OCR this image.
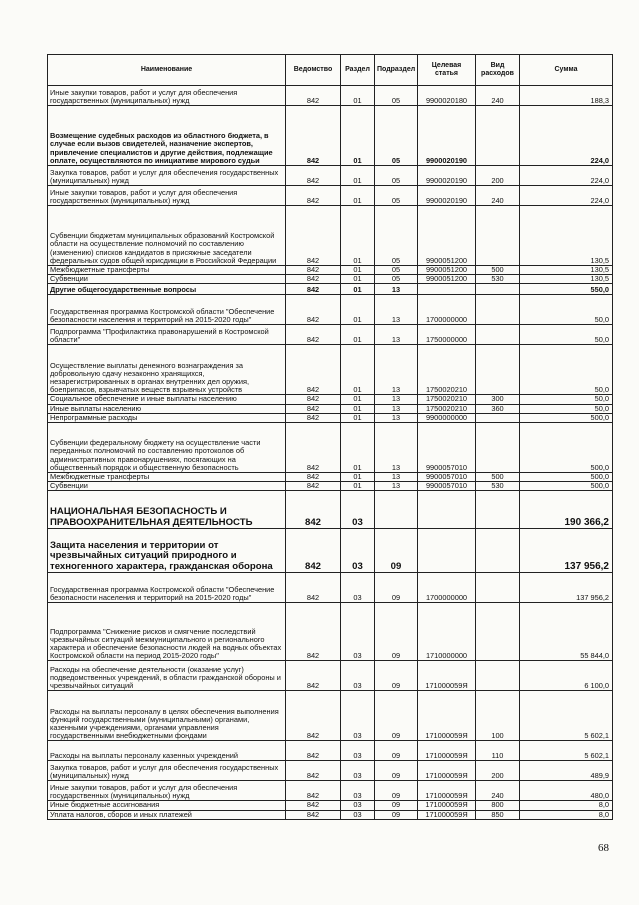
Наименование	Ведомство	Раздел	Подраздел	Целевая статья	Вид расходов	Сумма
Иные закупки товаров, работ и услуг для обеспечения государственных (муниципальных) нужд	842	01	05	9900020180	240	188,3
Возмещение судебных расходов из областного бюджета, в случае если вызов свидетелей, назначение экспертов, привлечение специалистов и другие действия, подлежащие оплате, осуществляются по инициативе мирового судьи	842	01	05	9900020190		224,0
Закупка товаров, работ и услуг для обеспечения государственных (муниципальных) нужд	842	01	05	9900020190	200	224,0
Иные закупки товаров, работ и услуг для обеспечения государственных (муниципальных) нужд	842	01	05	9900020190	240	224,0
Субвенции бюджетам муниципальных образований Костромской области на осуществление полномочий по составлению (изменению) списков кандидатов в присяжные заседатели федеральных судов общей юрисдикции в Российской Федерации	842	01	05	9900051200		130,5
Межбюджетные трансферты	842	01	05	9900051200	500	130,5
Субвенции	842	01	05	9900051200	530	130,5
Другие общегосударственные вопросы	842	01	13			550,0
Государственная программа Костромской области "Обеспечение безопасности населения и территорий на 2015-2020 годы"	842	01	13	1700000000		50,0
Подпрограмма "Профилактика правонарушений в Костромской области"	842	01	13	1750000000		50,0
Осуществление выплаты денежного вознаграждения за добровольную сдачу незаконно хранящихся, незарегистрированных в органах внутренних дел оружия, боеприпасов, взрывчатых веществ взрывных устройств	842	01	13	1750020210		50,0
Социальное обеспечение и иные выплаты населению	842	01	13	1750020210	300	50,0
Иные выплаты населению	842	01	13	1750020210	360	50,0
Непрограммные расходы	842	01	13	9900000000		500,0
Субвенции федеральному бюджету на осуществление части переданных полномочий по составлению протоколов об административных правонарушениях, посягающих на общественный порядок и общественную безопасность	842	01	13	9900057010		500,0
Межбюджетные трансферты	842	01	13	9900057010	500	500,0
Субвенции	842	01	13	9900057010	530	500,0
НАЦИОНАЛЬНАЯ БЕЗОПАСНОСТЬ И ПРАВООХРАНИТЕЛЬНАЯ ДЕЯТЕЛЬНОСТЬ	842	03				190 366,2
Защита населения и территории от чрезвычайных ситуаций природного и техногенного характера, гражданская оборона	842	03	09			137 956,2
Государственная программа Костромской области "Обеспечение безопасности населения и территорий на 2015-2020 годы"	842	03	09	1700000000		137 956,2
Подпрограмма "Снижение рисков и смягчение последствий чрезвычайных ситуаций межмуниципального и регионального характера и обеспечение безопасности людей на водных объектах Костромской области на период 2015-2020 годы"	842	03	09	1710000000		55 844,0
Расходы на обеспечение деятельности (оказание услуг) подведомственных учреждений, в области гражданской обороны и чрезвычайных ситуаций	842	03	09	171000059Я		6 100,0
Расходы на выплаты персоналу в целях обеспечения выполнения функций государственными (муниципальными) органами, казенными учреждениями, органами управления государственными внебюджетными фондами	842	03	09	171000059Я	100	5 602,1
Расходы на выплаты персоналу казенных учреждений	842	03	09	171000059Я	110	5 602,1
Закупка товаров, работ и услуг для обеспечения государственных (муниципальных) нужд	842	03	09	171000059Я	200	489,9
Иные закупки товаров, работ и услуг для обеспечения государственных (муниципальных) нужд	842	03	09	171000059Я	240	480,0
Иные бюджетные ассигнования	842	03	09	171000059Я	800	8,0
Уплата налогов, сборов и иных платежей	842	03	09	171000059Я	850	8,0
68
